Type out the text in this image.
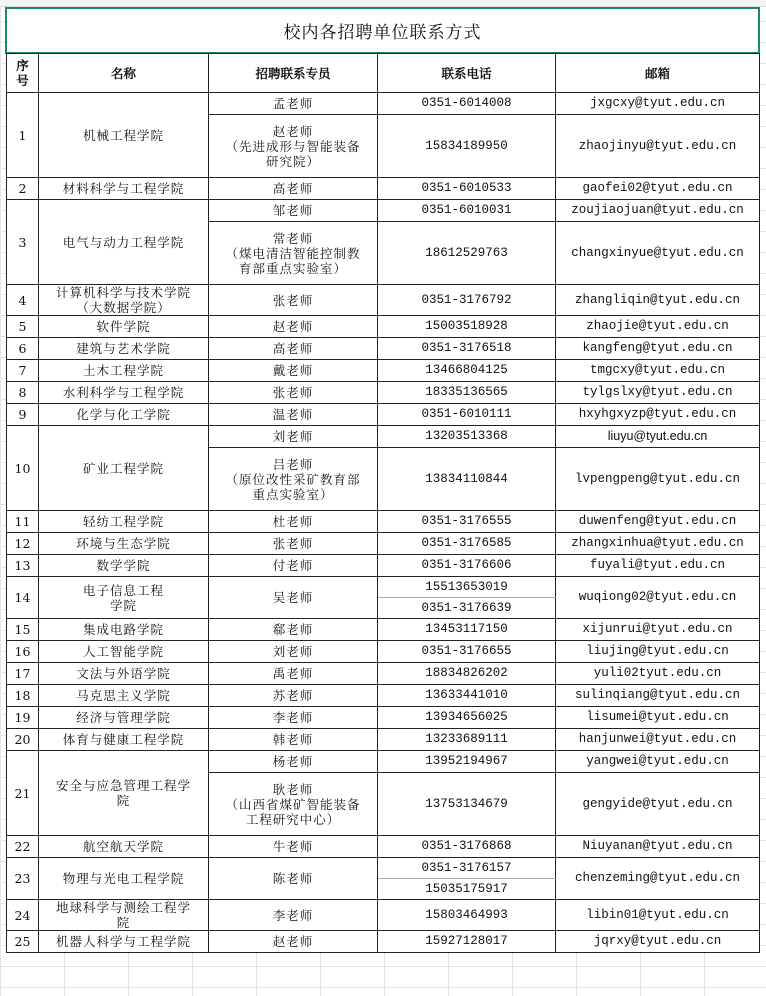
校内各招聘单位联系方式
序
号	名称	招聘联系专员	联系电话	邮箱
1	机械工程学院	孟老师	0351-6014008	jxgcxy@tyut.edu.cn
		赵老师
（先进成形与智能装备
研究院）	15834189950	zhaojinyu@tyut.edu.cn
2	材料科学与工程学院	高老师	0351-6010533	gaofei02@tyut.edu.cn
3	电气与动力工程学院	邹老师	0351-6010031	zoujiaojuan@tyut.edu.cn
		常老师
（煤电清洁智能控制教
育部重点实验室）	18612529763	changxinyue@tyut.edu.cn
4	计算机科学与技术学院
（大数据学院）	张老师	0351-3176792	zhangliqin@tyut.edu.cn
5	软件学院	赵老师	15003518928	zhaojie@tyut.edu.cn
6	建筑与艺术学院	高老师	0351-3176518	kangfeng@tyut.edu.cn
7	土木工程学院	戴老师	13466804125	tmgcxy@tyut.edu.cn
8	水利科学与工程学院	张老师	18335136565	tylgslxy@tyut.edu.cn
9	化学与化工学院	温老师	0351-6010111	hxyhgxyzp@tyut.edu.cn
10	矿业工程学院	刘老师	13203513368	liuyu@tyut.edu.cn
		吕老师
（原位改性采矿教育部
重点实验室）	13834110844	lvpengpeng@tyut.edu.cn
11	轻纺工程学院	杜老师	0351-3176555	duwenfeng@tyut.edu.cn
12	环境与生态学院	张老师	0351-3176585	zhangxinhua@tyut.edu.cn
13	数学学院	付老师	0351-3176606	fuyali@tyut.edu.cn
14	电子信息工程
学院	吴老师	15513653019	wuqiong02@tyut.edu.cn
			0351-3176639	
15	集成电路学院	郗老师	13453117150	xijunrui@tyut.edu.cn
16	人工智能学院	刘老师	0351-3176655	liujing@tyut.edu.cn
17	文法与外语学院	禹老师	18834826202	yuli02tyut.edu.cn
18	马克思主义学院	苏老师	13633441010	sulinqiang@tyut.edu.cn
19	经济与管理学院	李老师	13934656025	lisumei@tyut.edu.cn
20	体育与健康工程学院	韩老师	13233689111	hanjunwei@tyut.edu.cn
21	安全与应急管理工程学
院	杨老师	13952194967	yangwei@tyut.edu.cn
		耿老师
（山西省煤矿智能装备
工程研究中心）	13753134679	gengyide@tyut.edu.cn
22	航空航天学院	牛老师	0351-3176868	Niuyanan@tyut.edu.cn
23	物理与光电工程学院	陈老师	0351-3176157	chenzeming@tyut.edu.cn
			15035175917	
24	地球科学与测绘工程学
院	李老师	15803464993	libin01@tyut.edu.cn
25	机器人科学与工程学院	赵老师	15927128017	jqrxy@tyut.edu.cn
